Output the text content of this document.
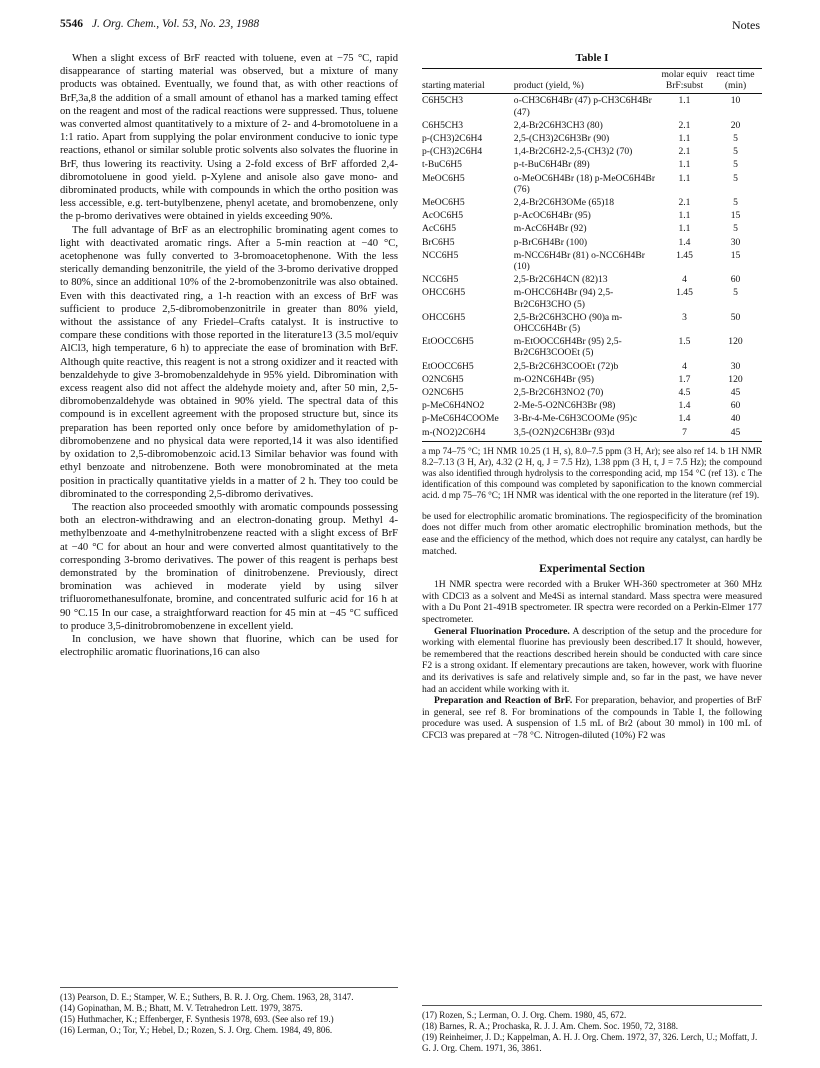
5546 J. Org. Chem., Vol. 53, No. 23, 1988	Notes

When a slight excess of BrF reacted with toluene, even at −75 °C, rapid disappearance of starting material was observed, but a mixture of many products was obtained. Eventually, we found that, as with other reactions of BrF,3a,8 the addition of a small amount of ethanol has a marked taming effect on the reagent and most of the radical reactions were suppressed. Thus, toluene was converted almost quantitatively to a mixture of 2- and 4-bromotoluene in a 1:1 ratio. Apart from supplying the polar environment conducive to ionic type reactions, ethanol or similar soluble protic solvents also solvates the fluorine in BrF, thus lowering its reactivity. Using a 2-fold excess of BrF afforded 2,4-dibromotoluene in good yield. p-Xylene and anisole also gave mono- and dibrominated products, while with compounds in which the ortho position was less accessible, e.g. tert-butylbenzene, phenyl acetate, and bromobenzene, only the p-bromo derivatives were obtained in yields exceeding 90%.

The full advantage of BrF as an electrophilic brominating agent comes to light with deactivated aromatic rings. After a 5-min reaction at −40 °C, acetophenone was fully converted to 3-bromoacetophenone. With the less sterically demanding benzonitrile, the yield of the 3-bromo derivative dropped to 80%, since an additional 10% of the 2-bromobenzonitrile was also obtained. Even with this deactivated ring, a 1-h reaction with an excess of BrF was sufficient to produce 2,5-dibromobenzonitrile in greater than 80% yield, without the assistance of any Friedel–Crafts catalyst. It is instructive to compare these conditions with those reported in the literature13 (3.5 mol/equiv AlCl3, high temperature, 6 h) to appreciate the ease of bromination with BrF. Although quite reactive, this reagent is not a strong oxidizer and it reacted with benzaldehyde to give 3-bromobenzaldehyde in 95% yield. Dibromination with excess reagent also did not affect the aldehyde moiety and, after 50 min, 2,5-dibromobenzaldehyde was obtained in 90% yield. The spectral data of this compound is in excellent agreement with the proposed structure but, since its preparation has been reported only once before by amidomethylation of p-dibromobenzene and no physical data were reported,14 it was also identified by oxidation to 2,5-dibromobenzoic acid.13 Similar behavior was found with ethyl benzoate and nitrobenzene. Both were monobrominated at the meta position in practically quantitative yields in a matter of 2 h. They too could be dibrominated to the corresponding 2,5-dibromo derivatives.

The reaction also proceeded smoothly with aromatic compounds possessing both an electron-withdrawing and an electron-donating group. Methyl 4-methylbenzoate and 4-methylnitrobenzene reacted with a slight excess of BrF at −40 °C for about an hour and were converted almost quantitatively to the corresponding 3-bromo derivatives. The power of this reagent is perhaps best demonstrated by the bromination of dinitrobenzene. Previously, direct bromination was achieved in moderate yield by using silver trifluoromethanesulfonate, bromine, and concentrated sulfuric acid for 16 h at 90 °C.15 In our case, a straightforward reaction for 45 min at −45 °C sufficed to produce 3,5-dinitrobromobenzene in excellent yield.

In conclusion, we have shown that fluorine, which can be used for electrophilic aromatic fluorinations,16 can also

(13) Pearson, D. E.; Stamper, W. E.; Suthers, B. R. J. Org. Chem. 1963, 28, 3147.
(14) Gopinathan, M. B.; Bhatt, M. V. Tetrahedron Lett. 1979, 3875.
(15) Huthmacher, K.; Effenberger, F. Synthesis 1978, 693. (See also ref 19.)
(16) Lerman, O.; Tor, Y.; Hebel, D.; Rozen, S. J. Org. Chem. 1984, 49, 806.
Table I
starting material	product (yield, %)	molar equiv BrF:subst	react time (min)
C6H5CH3	o-CH3C6H4Br (47) p-CH3C6H4Br (47)	1.1	10
C6H5CH3	2,4-Br2C6H3CH3 (80)	2.1	20
p-(CH3)2C6H4	2,5-(CH3)2C6H3Br (90)	1.1	5
p-(CH3)2C6H4	1,4-Br2C6H2-2,5-(CH3)2 (70)	2.1	5
t-BuC6H5	p-t-BuC6H4Br (89)	1.1	5
MeOC6H5	o-MeOC6H4Br (18) p-MeOC6H4Br (76)	1.1	5
MeOC6H5	2,4-Br2C6H3OMe (65)18	2.1	5
AcOC6H5	p-AcOC6H4Br (95)	1.1	15
AcC6H5	m-AcC6H4Br (92)	1.1	5
BrC6H5	p-BrC6H4Br (100)	1.4	30
NCC6H5	m-NCC6H4Br (81) o-NCC6H4Br (10)	1.45	15
NCC6H5	2,5-Br2C6H4CN (82)13	4	60
OHCC6H5	m-OHCC6H4Br (94) 2,5-Br2C6H3CHO (5)	1.45	5
OHCC6H5	2,5-Br2C6H3CHO (90)a m-OHCC6H4Br (5)	3	50
EtOOCC6H5	m-EtOOCC6H4Br (95) 2,5-Br2C6H3COOEt (5)	1.5	120
EtOOCC6H5	2,5-Br2C6H3COOEt (72)b	4	30
O2NC6H5	m-O2NC6H4Br (95)	1.7	120
O2NC6H5	2,5-Br2C6H3NO2 (70)	4.5	45
p-MeC6H4NO2	2-Me-5-O2NC6H3Br (98)	1.4	60
p-MeC6H4COOMe	3-Br-4-Me-C6H3COOMe (95)c	1.4	40
m-(NO2)2C6H4	3,5-(O2N)2C6H3Br (93)d	7	45
a mp 74–75 °C; 1H NMR 10.25 (1 H, s), 8.0–7.5 ppm (3 H, Ar); see also ref 14. b 1H NMR 8.2–7.13 (3 H, Ar), 4.32 (2 H, q, J = 7.5 Hz), 1.38 ppm (3 H, t, J = 7.5 Hz); the compound was also identified through hydrolysis to the corresponding acid, mp 154 °C (ref 13). c The identification of this compound was completed by saponification to the known commercial acid. d mp 75–76 °C; 1H NMR was identical with the one reported in the literature (ref 19).

be used for electrophilic aromatic brominations. The regiospecificity of the bromination does not differ much from other aromatic electrophilic bromination methods, but the ease and the efficiency of the method, which does not require any catalyst, can hardly be matched.

Experimental Section

1H NMR spectra were recorded with a Bruker WH-360 spectrometer at 360 MHz with CDCl3 as a solvent and Me4Si as internal standard. Mass spectra were measured with a Du Pont 21-491B spectrometer. IR spectra were recorded on a Perkin-Elmer 177 spectrometer.

General Fluorination Procedure. A description of the setup and the procedure for working with elemental fluorine has previously been described.17 It should, however, be remembered that the reactions described herein should be conducted with care since F2 is a strong oxidant. If elementary precautions are taken, however, work with fluorine and its derivatives is safe and relatively simple and, so far in the past, we have never had an accident while working with it.

Preparation and Reaction of BrF. For preparation, behavior, and properties of BrF in general, see ref 8. For brominations of the compounds in Table I, the following procedure was used. A suspension of 1.5 mL of Br2 (about 30 mmol) in 100 mL of CFCl3 was prepared at −78 °C. Nitrogen-diluted (10%) F2 was

(17) Rozen, S.; Lerman, O. J. Org. Chem. 1980, 45, 672.
(18) Barnes, R. A.; Prochaska, R. J. J. Am. Chem. Soc. 1950, 72, 3188.
(19) Reinheimer, J. D.; Kappelman, A. H. J. Org. Chem. 1972, 37, 326. Lerch, U.; Moffatt, J. G. J. Org. Chem. 1971, 36, 3861.
